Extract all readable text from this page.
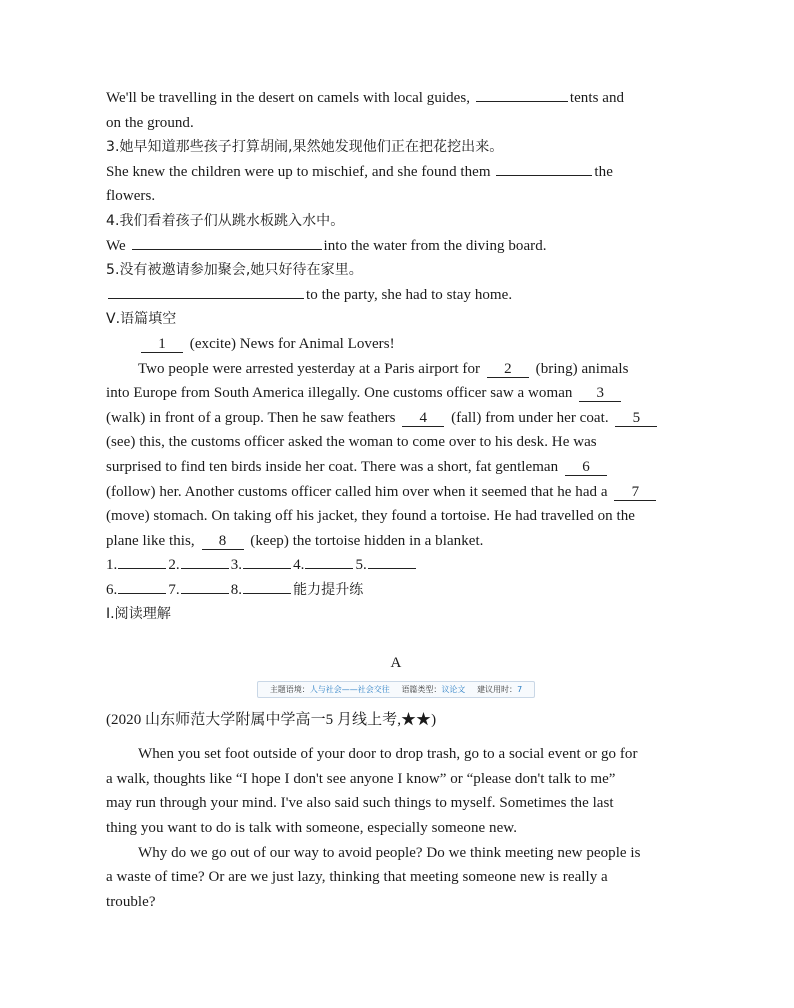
We'll be travelling in the desert on camels with local guides,	tents and
on the ground.
3.她早知道那些孩子打算胡闹,果然她发现他们正在把花挖出来。
She knew the children were up to mischief, and she found them	the
flowers.
4.我们看着孩子们从跳水板跳入水中。
We	into the water from the diving board.
5.没有被邀请参加聚会,她只好待在家里。
to the party, she had to stay home.
Ⅴ.语篇填空
1 (excite) News for Animal Lovers!
Two people were arrested yesterday at a Paris airport for 2 (bring) animals
into Europe from South America illegally. One customs officer saw a woman 3
(walk) in front of a group. Then he saw feathers 4 (fall) from under her coat. 5
(see) this, the customs officer asked the woman to come over to his desk. He was
surprised to find ten birds inside her coat. There was a short, fat gentleman 6
(follow) her. Another customs officer called him over when it seemed that he had a 7
(move) stomach. On taking off his jacket, they found a tortoise. He had travelled on the
plane like this, 8 (keep) the tortoise hidden in a blanket.
1.	2.	3.	4.	5.
6.	7.	8.	能力提升练
Ⅰ.阅读理解
A
主题语境：人与社会——社会交往 语篇类型：议论文 建议用时：7
(2020 山东师范大学附属中学高一5 月线上考,★★)
When you set foot outside of your door to drop trash, go to a social event or go for
a walk, thoughts like “I hope I don't see anyone I know” or “please don't talk to me”
may run through your mind. I've also said such things to myself. Sometimes the last
thing you want to do is talk with someone, especially someone new.
Why do we go out of our way to avoid people? Do we think meeting new people is
a waste of time? Or are we just lazy, thinking that meeting someone new is really a
trouble?
